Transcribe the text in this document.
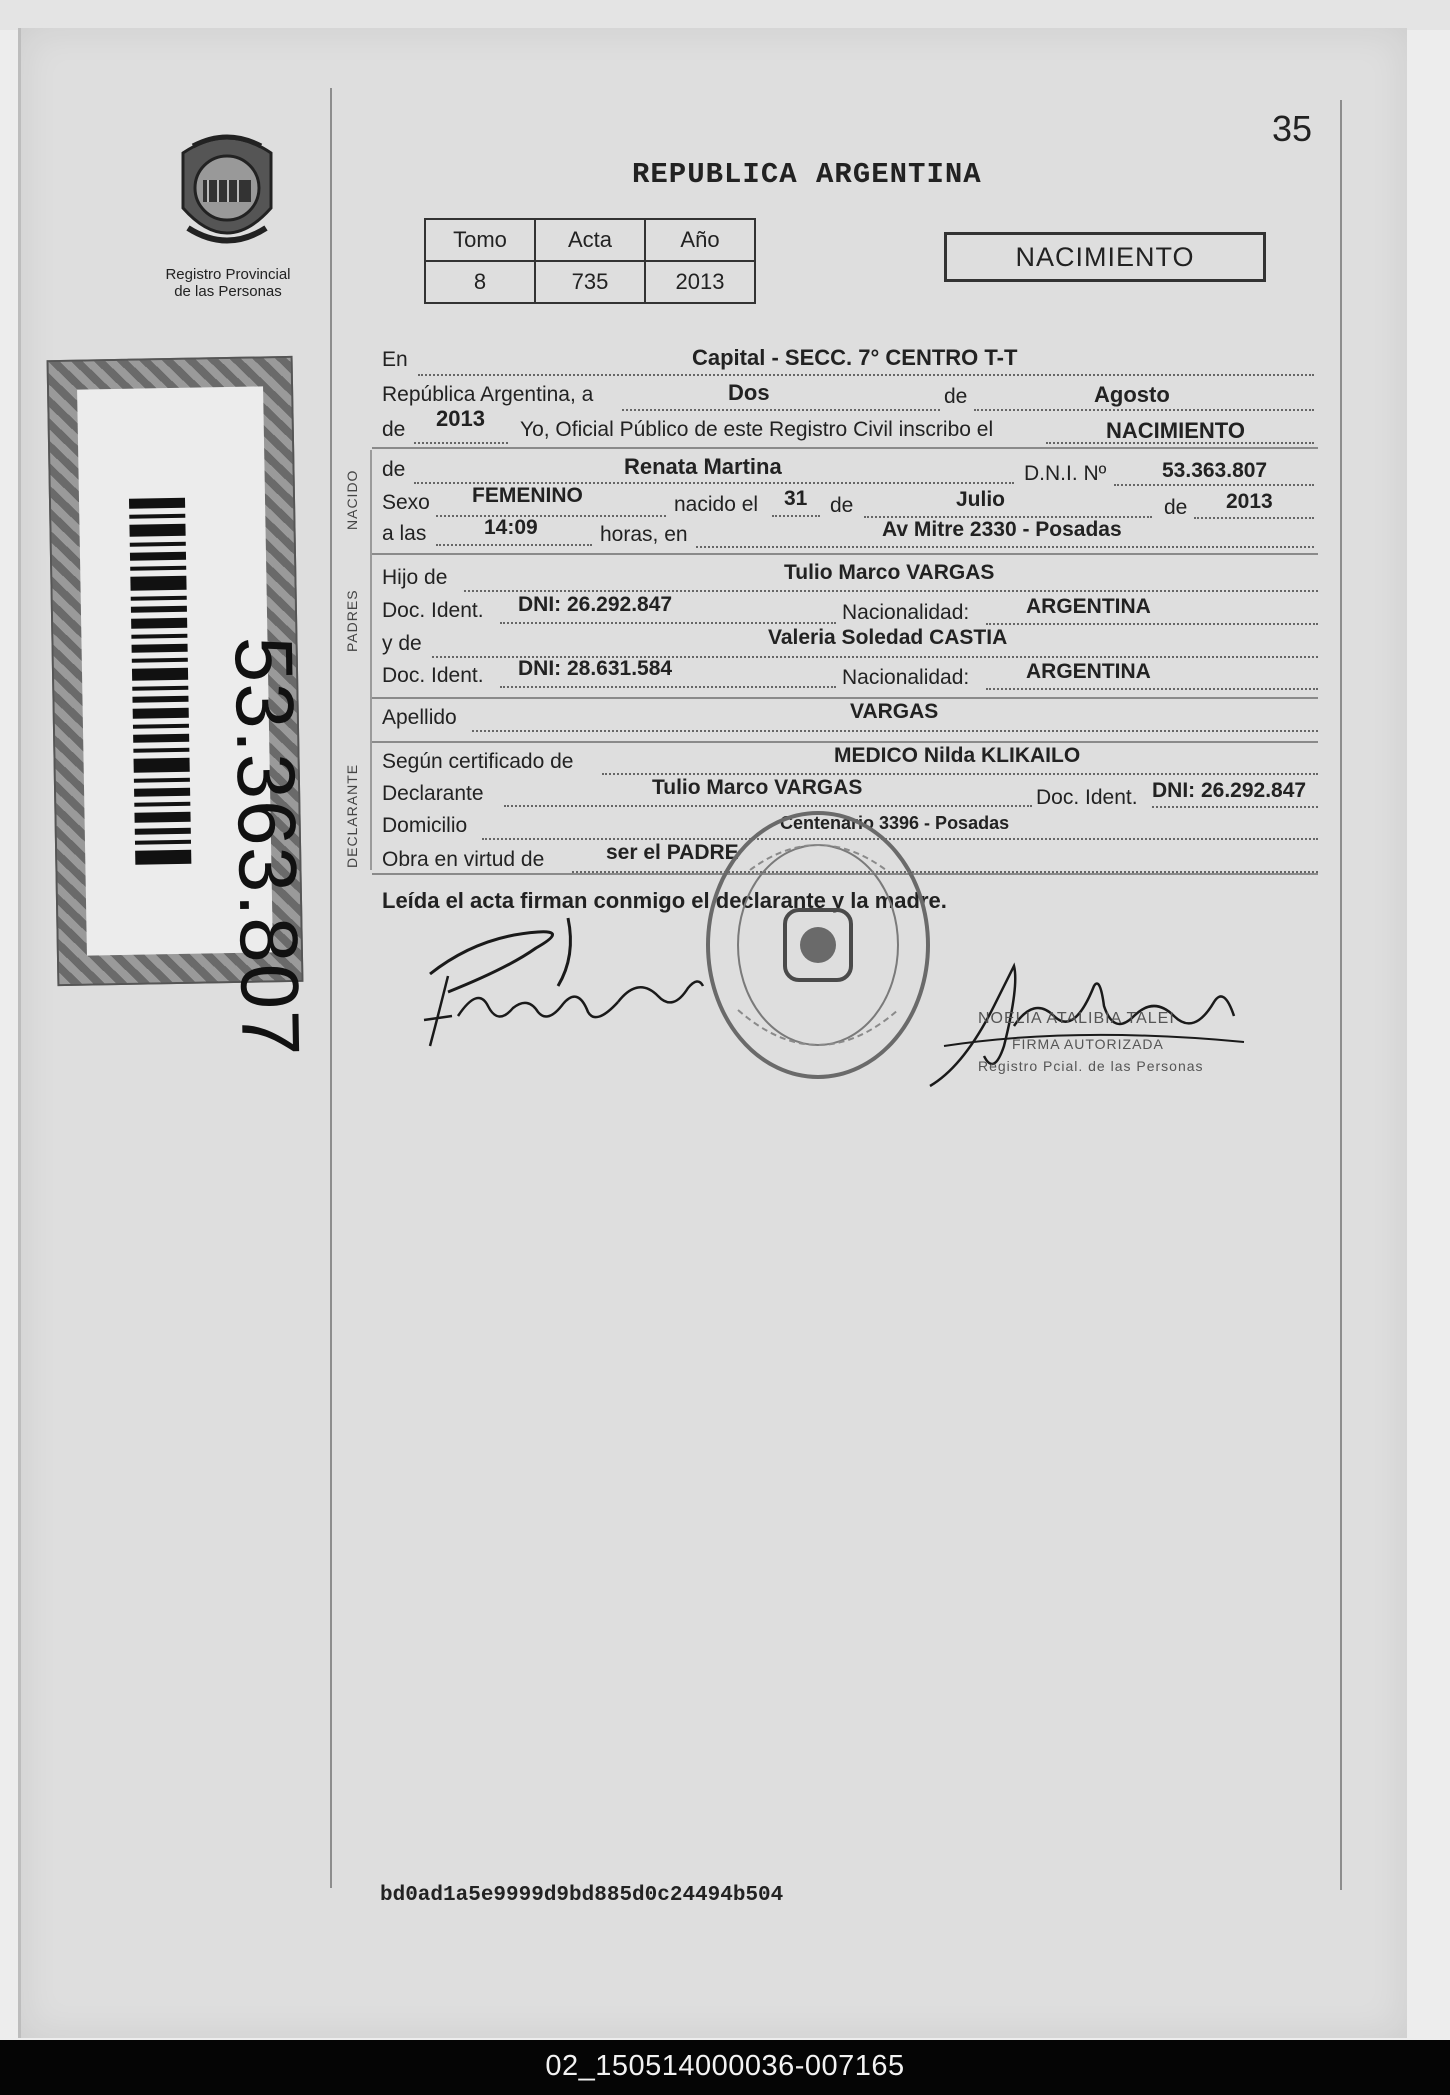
35
Registro Provincial
de las Personas
53.363.807
REPUBLICA ARGENTINA
Tomo	Acta	Año
8	735	2013
NACIMIENTO
NACIDO
PADRES
DECLARANTE
En	Capital - SECC. 7° CENTRO T-T
República Argentina, a	Dos	de	Agosto
de 2013 Yo, Oficial Público de este Registro Civil inscribo el	NACIMIENTO
de	Renata Martina	D.N.I. Nº	53.363.807
Sexo FEMENINO	nacido el 31 de	Julio	de 2013
a las	14:09	horas, en	Av Mitre 2330 - Posadas
Hijo de	Tulio Marco VARGAS
Doc. Ident. DNI: 26.292.847	Nacionalidad:	ARGENTINA
y de	Valeria Soledad CASTIA
Doc. Ident. DNI: 28.631.584	Nacionalidad:	ARGENTINA
Apellido	VARGAS
Según certificado de	MEDICO Nilda KLIKAILO
Declarante	Tulio Marco VARGAS	Doc. Ident. DNI: 26.292.847
Domicilio	Centenario 3396 - Posadas
Obra en virtud de	ser el PADRE
Leída el acta firman conmigo el declarante y la madre.
NOELIA ATALIBIA TALEI
FIRMA AUTORIZADA
Registro Pcial. de las Personas
bd0ad1a5e9999d9bd885d0c24494b504
02_150514000036-007165
